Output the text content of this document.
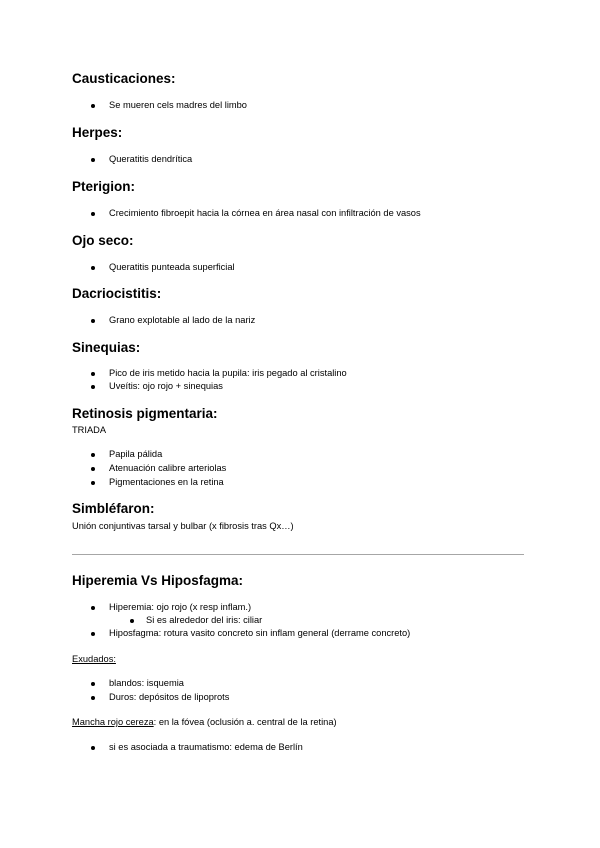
Causticaciones:
Se mueren cels madres del limbo
Herpes:
Queratitis dendrítica
Pterigion:
Crecimiento fibroepit hacia la córnea en área nasal con infiltración de vasos
Ojo seco:
Queratitis punteada superficial
Dacriocistitis:
Grano explotable al lado de la nariz
Sinequias:
Pico de iris metido hacia la pupila: iris pegado al cristalino
Uveítis: ojo rojo + sinequias
Retinosis pigmentaria:
TRIADA
Papila pálida
Atenuación calibre arteriolas
Pigmentaciones en la retina
Simbléfaron:
Unión conjuntivas tarsal y bulbar (x fibrosis tras Qx…)
Hiperemia Vs Hiposfagma:
Hiperemia: ojo rojo (x resp inflam.)
Si es alrededor del iris: ciliar
Hiposfagma: rotura vasito concreto sin inflam general (derrame concreto)
Exudados:
blandos: isquemia
Duros: depósitos de lipoprots
Mancha rojo cereza: en la fóvea (oclusión a. central de la retina)
si es asociada a traumatismo: edema de Berlín
